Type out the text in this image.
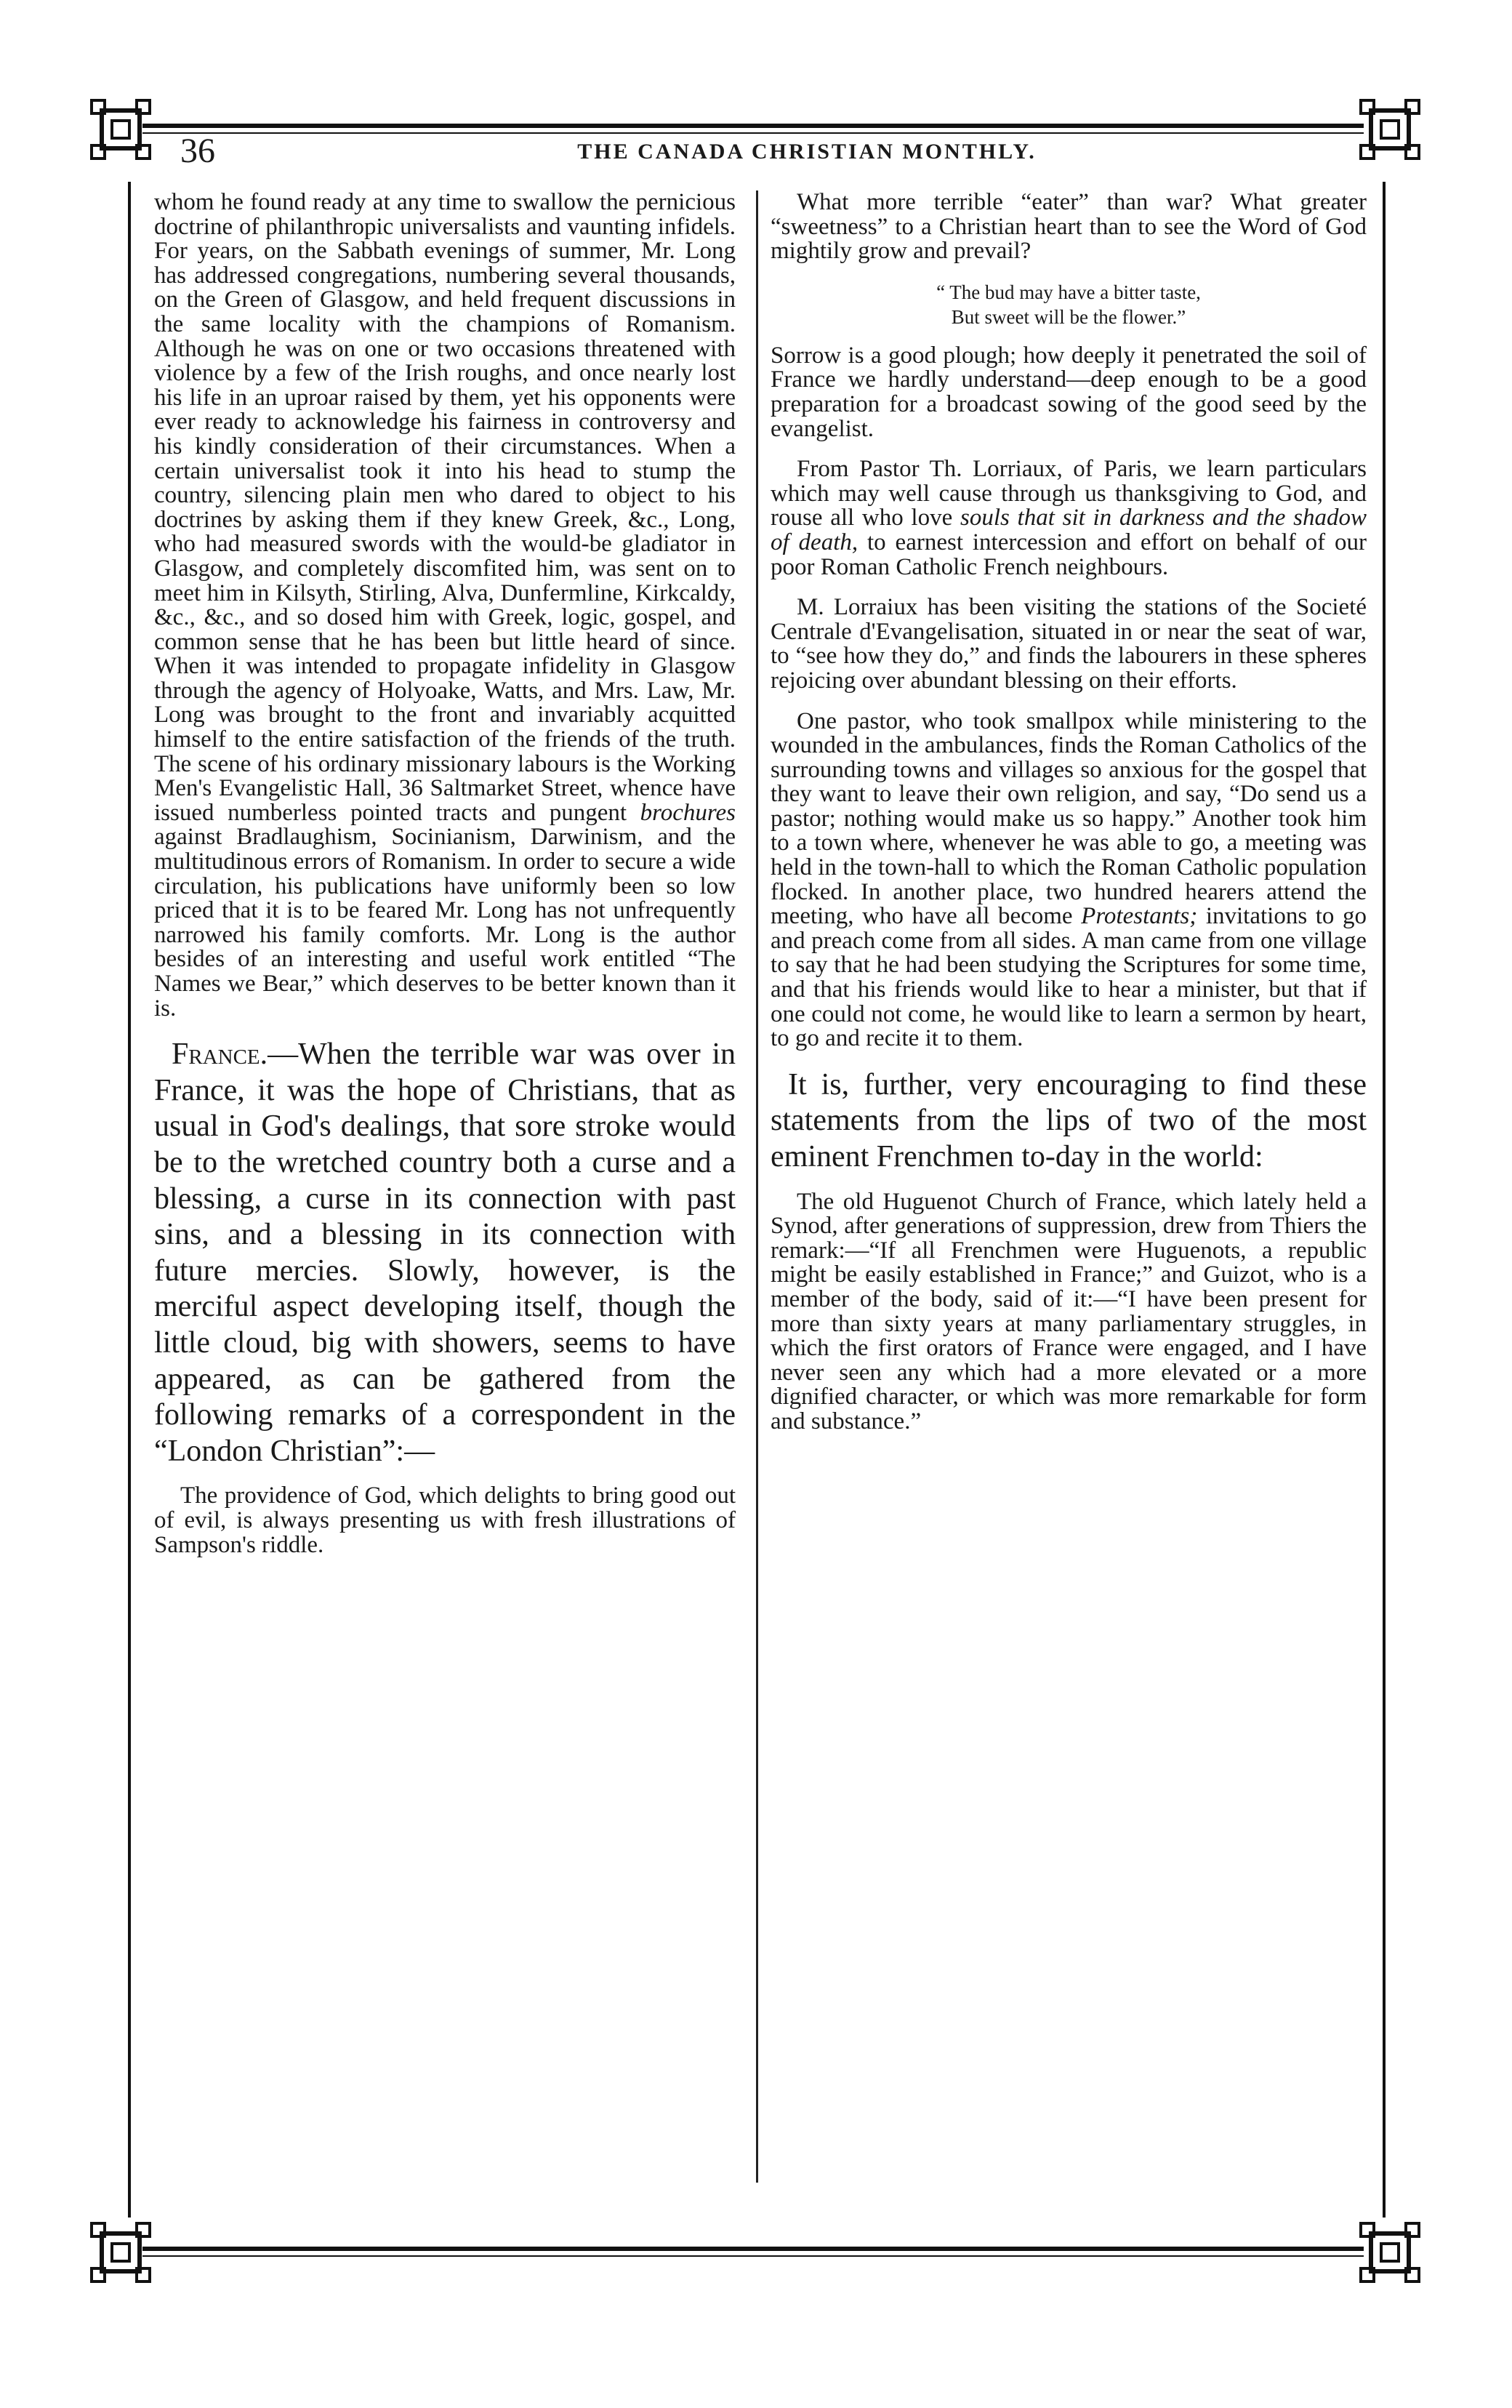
36	THE CANADA CHRISTIAN MONTHLY.

whom he found ready at any time to swallow the pernicious doctrine of philanthropic universalists and vaunting infidels. For years, on the Sabbath evenings of summer, Mr. Long has addressed congregations, numbering several thousands, on the Green of Glasgow, and held frequent discussions in the same locality with the champions of Romanism. Although he was on one or two occasions threatened with violence by a few of the Irish roughs, and once nearly lost his life in an uproar raised by them, yet his opponents were ever ready to acknowledge his fairness in controversy and his kindly consideration of their circumstances. When a certain universalist took it into his head to stump the country, silencing plain men who dared to object to his doctrines by asking them if they knew Greek, &c., Long, who had measured swords with the would-be gladiator in Glasgow, and completely discomfited him, was sent on to meet him in Kilsyth, Stirling, Alva, Dunfermline, Kirkcaldy, &c., &c., and so dosed him with Greek, logic, gospel, and common sense that he has been but little heard of since. When it was intended to propagate infidelity in Glasgow through the agency of Holyoake, Watts, and Mrs. Law, Mr. Long was brought to the front and invariably acquitted himself to the entire satisfaction of the friends of the truth. The scene of his ordinary missionary labours is the Working Men's Evangelistic Hall, 36 Saltmarket Street, whence have issued numberless pointed tracts and pungent brochures against Bradlaughism, Socinianism, Darwinism, and the multitudinous errors of Romanism. In order to secure a wide circulation, his publications have uniformly been so low priced that it is to be feared Mr. Long has not unfrequently narrowed his family comforts. Mr. Long is the author besides of an interesting and useful work entitled “The Names we Bear,” which deserves to be better known than it is.

France.—When the terrible war was over in France, it was the hope of Christians, that as usual in God's dealings, that sore stroke would be to the wretched country both a curse and a blessing, a curse in its connection with past sins, and a blessing in its connection with future mercies. Slowly, however, is the merciful aspect developing itself, though the little cloud, big with showers, seems to have appeared, as can be gathered from the following remarks of a correspondent in the “London Christian”:—

The providence of God, which delights to bring good out of evil, is always presenting us with fresh illustrations of Sampson's riddle.

What more terrible “eater” than war? What greater “sweetness” to a Christian heart than to see the Word of God mightily grow and prevail?

“ The bud may have a bitter taste,
But sweet will be the flower.”

Sorrow is a good plough; how deeply it penetrated the soil of France we hardly understand—deep enough to be a good preparation for a broadcast sowing of the good seed by the evangelist.

From Pastor Th. Lorriaux, of Paris, we learn particulars which may well cause through us thanksgiving to God, and rouse all who love souls that sit in darkness and the shadow of death, to earnest intercession and effort on behalf of our poor Roman Catholic French neighbours.

M. Lorraiux has been visiting the stations of the Societé Centrale d'Evangelisation, situated in or near the seat of war, to “see how they do,” and finds the labourers in these spheres rejoicing over abundant blessing on their efforts.

One pastor, who took smallpox while ministering to the wounded in the ambulances, finds the Roman Catholics of the surrounding towns and villages so anxious for the gospel that they want to leave their own religion, and say, “Do send us a pastor; nothing would make us so happy.” Another took him to a town where, whenever he was able to go, a meeting was held in the town-hall to which the Roman Catholic population flocked. In another place, two hundred hearers attend the meeting, who have all become Protestants; invitations to go and preach come from all sides. A man came from one village to say that he had been studying the Scriptures for some time, and that his friends would like to hear a minister, but that if one could not come, he would like to learn a sermon by heart, to go and recite it to them.

It is, further, very encouraging to find these statements from the lips of two of the most eminent Frenchmen to-day in the world:

The old Huguenot Church of France, which lately held a Synod, after generations of suppression, drew from Thiers the remark:—“If all Frenchmen were Huguenots, a republic might be easily established in France;” and Guizot, who is a member of the body, said of it:—“I have been present for more than sixty years at many parliamentary struggles, in which the first orators of France were engaged, and I have never seen any which had a more elevated or a more dignified character, or which was more remarkable for form and substance.”
